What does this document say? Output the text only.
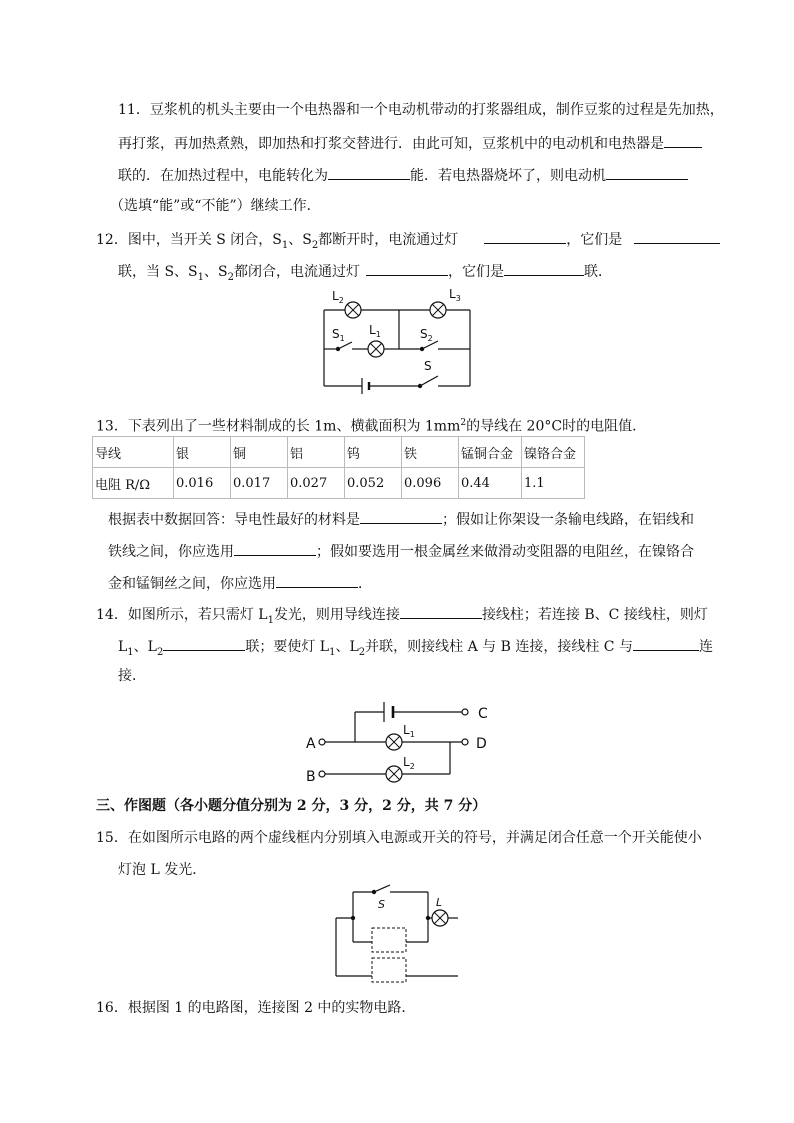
11．豆浆机的机头主要由一个电热器和一个电动机带动的打浆器组成，制作豆浆的过程是先加热，
再打浆，再加热煮熟，即加热和打浆交替进行．由此可知，豆浆机中的电动机和电热器是
联的．在加热过程中，电能转化为	能．若电热器烧坏了，则电动机
（选填“能”或“不能”）继续工作．
12．图中，当开关 S 闭合，$S_1$、$S_2$都断开时，电流通过灯	，它们是
联，当 S、$S_1$、$S_2$都闭合，电流通过灯	，它们是	联．
$L_2$	$L_3$
$L_1$
$S_1$	$S_2$
S
13．下表列出了一些材料制成的长 1m、横截面积为 $1mm^2$的导线在 20°C时的电阻值．
导线	银	铜	铝	钨	铁	锰铜合金	镍铬合金
电阻 R/Ω	0.016	0.017	0.027	0.052	0.096	0.44	1.1
根据表中数据回答：导电性最好的材料是	；假如让你架设一条输电线路，在铝线和
铁线之间，你应选用	；假如要选用一根金属丝来做滑动变阻器的电阻丝，在镍铬合
金和锰铜丝之间，你应选用	．
14．如图所示，若只需灯 $L_1$发光，则用导线连接	接线柱；若连接 B、C 接线柱，则灯
$L_1$、$L_2$	联；要使灯 $L_1$、$L_2$并联，则接线柱 A 与 B 连接，接线柱 C 与	连
接．
C
A	D
B
$L_1$
$L_2$
三、作图题（各小题分值分别为 2 分，3 分，2 分，共 7 分）
15．在如图所示电路的两个虚线框内分别填入电源或开关的符号，并满足闭合任意一个开关能使小
灯泡 L 发光．
S	L
16．根据图 1 的电路图，连接图 2 中的实物电路．
